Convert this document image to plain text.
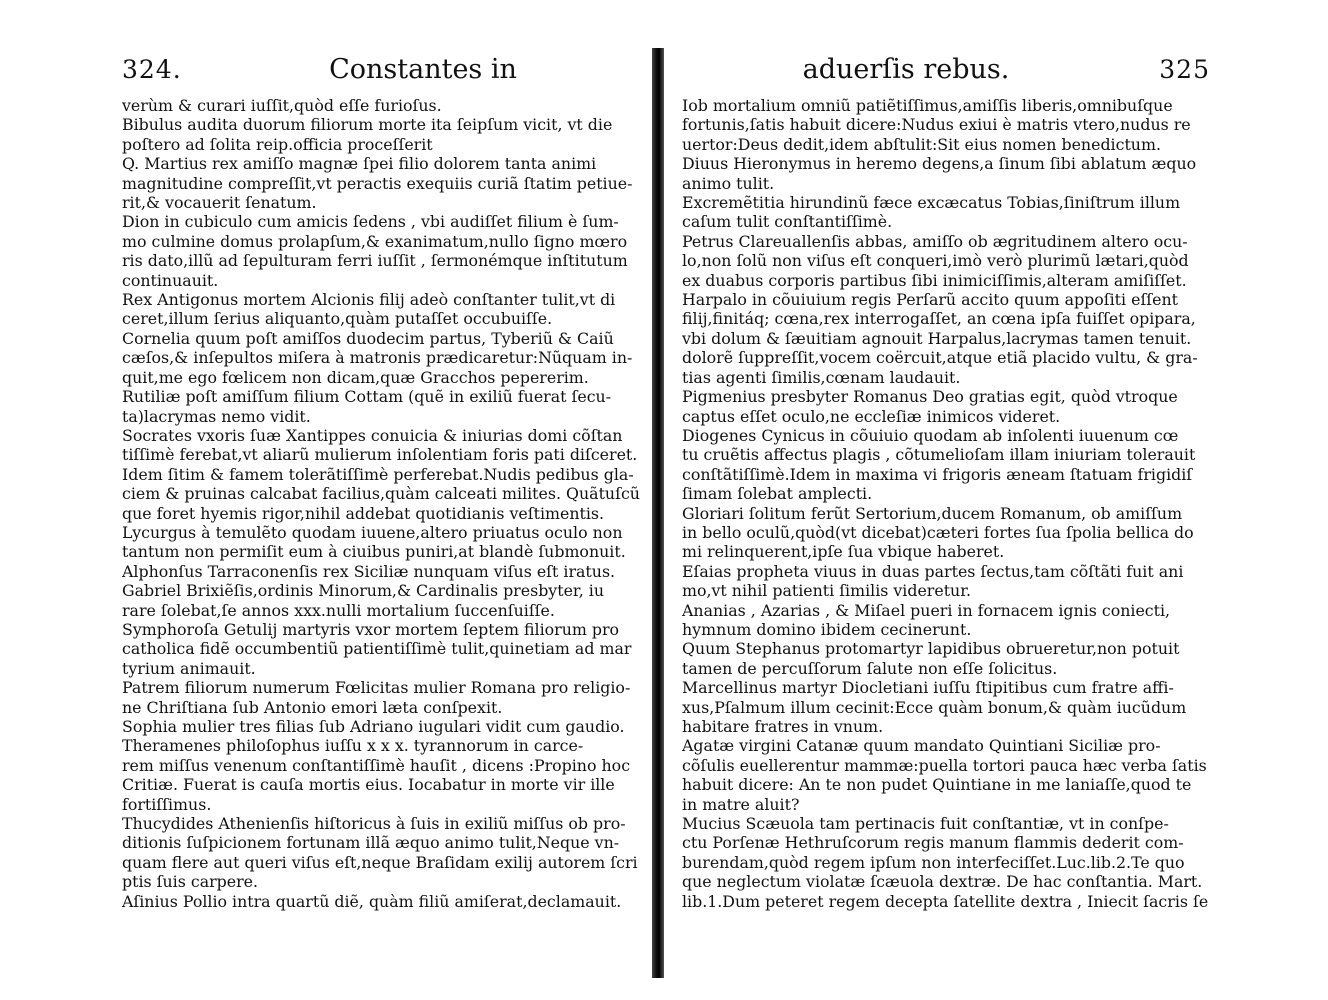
324.	Constantes in
verùm & curari iuſſit,quòd eſſe furioſus.
Bibulus audita duorum filiorum morte ita ſeipſum vicit, vt die
poſtero ad ſolita reip.officia proceſſerit
Q. Martius rex amiſſo magnæ ſpei filio dolorem tanta animi
magnitudine compreſſit,vt peractis exequiis curiã ſtatim petiue-
rit,& vocauerit ſenatum.
Dion in cubiculo cum amicis ſedens , vbi audiſſet filium è ſum-
mo culmine domus prolapſum,& exanimatum,nullo ſigno mœro
ris dato,illũ ad ſepulturam ferri iuſſit , ſermonémque inſtitutum
continuauit.
Rex Antigonus mortem Alcionis filij adeò conſtanter tulit,vt di
ceret,illum ſerius aliquanto,quàm putaſſet occubuiſſe.
Cornelia quum poſt amiſſos duodecim partus, Tyberiũ & Caiũ
cæſos,& inſepultos miſera à matronis prædicaretur:Nũquam in-
quit,me ego fœlicem non dicam,quæ Gracchos pepererim.
Rutiliæ poſt amiſſum filium Cottam (quẽ in exiliũ fuerat ſecu-
ta)lacrymas nemo vidit.
Socrates vxoris ſuæ Xantippes conuicia & iniurias domi cõſtan
tiſſimè ferebat,vt aliarũ mulierum inſolentiam foris pati diſceret.
Idem ſitim & famem tolerãtiſſimè perferebat.Nudis pedibus gla-
ciem & pruinas calcabat facilius,quàm calceati milites. Quãtuſcũ
que foret hyemis rigor,nihil addebat quotidianis veſtimentis.
Lycurgus à temulẽto quodam iuuene,altero priuatus oculo non
tantum non permiſit eum à ciuibus puniri,at blandè ſubmonuit.
Alphonſus Tarraconenſis rex Siciliæ nunquam viſus eſt iratus.
Gabriel Brixiẽſis,ordinis Minorum,& Cardinalis presbyter, iu
rare ſolebat,ſe annos xxx.nulli mortalium ſuccenſuiſſe.
Symphoroſa Getulij martyris vxor mortem ſeptem filiorum pro
catholica fidẽ occumbentiũ patientiſſimè tulit,quinetiam ad mar
tyrium animauit.
Patrem filiorum numerum Fœlicitas mulier Romana pro religio-
ne Chriſtiana ſub Antonio emori læta conſpexit.
Sophia mulier tres filias ſub Adriano iugulari vidit cum gaudio.
Theramenes philoſophus iuſſu x x x. tyrannorum in carce-
rem miſſus venenum conſtantiſſimè hauſit , dicens :Propino hoc
Critiæ. Fuerat is cauſa mortis eius. Iocabatur in morte vir ille
fortiſſimus.
Thucydides Athenienſis hiſtoricus à ſuis in exiliũ miſſus ob pro-
ditionis ſuſpicionem fortunam illã æquo animo tulit,Neque vn-
quam flere aut queri viſus eſt,neque Braſidam exilij autorem ſcri
ptis ſuis carpere.
Aſinius Pollio intra quartũ diẽ, quàm filiũ amiſerat,declamauit.
aduerſis rebus.	325
Iob mortalium omniũ patiẽtiſſimus,amiſſis liberis,omnibuſque
fortunis,ſatis habuit dicere:Nudus exiui è matris vtero,nudus re
uertor:Deus dedit,idem abſtulit:Sit eius nomen benedictum.
Diuus Hieronymus in heremo degens,a ſinum ſibi ablatum æquo
animo tulit.
Excremẽtitia hirundinũ fæce excæcatus Tobias,ſiniſtrum illum
caſum tulit conſtantiſſimè.
Petrus Clareuallenſis abbas, amiſſo ob ægritudinem altero ocu-
lo,non ſolũ non viſus eſt conqueri,imò verò plurimũ lætari,quòd
ex duabus corporis partibus ſibi inimiciſſimis,alteram amiſiſſet.
Harpalo in cõuiuium regis Perſarũ accito quum appoſiti eſſent
filij,finitáq; cœna,rex interrogaſſet, an cœna ipſa fuiſſet opipara,
vbi dolum & ſæuitiam agnouit Harpalus,lacrymas tamen tenuit.
dolorẽ ſuppreſſit,vocem coërcuit,atque etiã placido vultu, & gra-
tias agenti ſimilis,cœnam laudauit.
Pigmenius presbyter Romanus Deo gratias egit, quòd vtroque
captus eſſet oculo,ne eccleſiæ inimicos videret.
Diogenes Cynicus in cõuiuio quodam ab inſolenti iuuenum cœ
tu cruẽtis affectus plagis , cõtumelioſam illam iniuriam tolerauit
conſtãtiſſimè.Idem in maxima vi frigoris æneam ſtatuam frigidiſ
ſimam ſolebat amplecti.
Gloriari ſolitum ferũt Sertorium,ducem Romanum, ob amiſſum
in bello oculũ,quòd(vt dicebat)cæteri fortes ſua ſpolia bellica do
mi relinquerent,ipſe ſua vbique haberet.
Eſaias propheta viuus in duas partes ſectus,tam cõſtãti fuit ani
mo,vt nihil patienti ſimilis videretur.
Ananias , Azarias , & Miſael pueri in fornacem ignis coniecti,
hymnum domino ibidem cecinerunt.
Quum Stephanus protomartyr lapidibus obrueretur,non potuit
tamen de percuſſorum ſalute non eſſe ſolicitus.
Marcellinus martyr Diocletiani iuſſu ſtipitibus cum fratre affi-
xus,Pſalmum illum cecinit:Ecce quàm bonum,& quàm iucũdum
habitare fratres in vnum.
Agatæ virgini Catanæ quum mandato Quintiani Siciliæ pro-
cõſulis euellerentur mammæ:puella tortori pauca hæc verba ſatis
habuit dicere: An te non pudet Quintiane in me laniaſſe,quod te
in matre aluit?
Mucius Scæuola tam pertinacis fuit conſtantiæ, vt in conſpe-
ctu Porſenæ Hethruſcorum regis manum flammis dederit com-
burendam,quòd regem ipſum non interfeciſſet.Luc.lib.2.Te quo
que neglectum violatæ ſcæuola dextræ. De hac conſtantia. Mart.
lib.1.Dum peteret regem decepta ſatellite dextra , Iniecit ſacris ſe
